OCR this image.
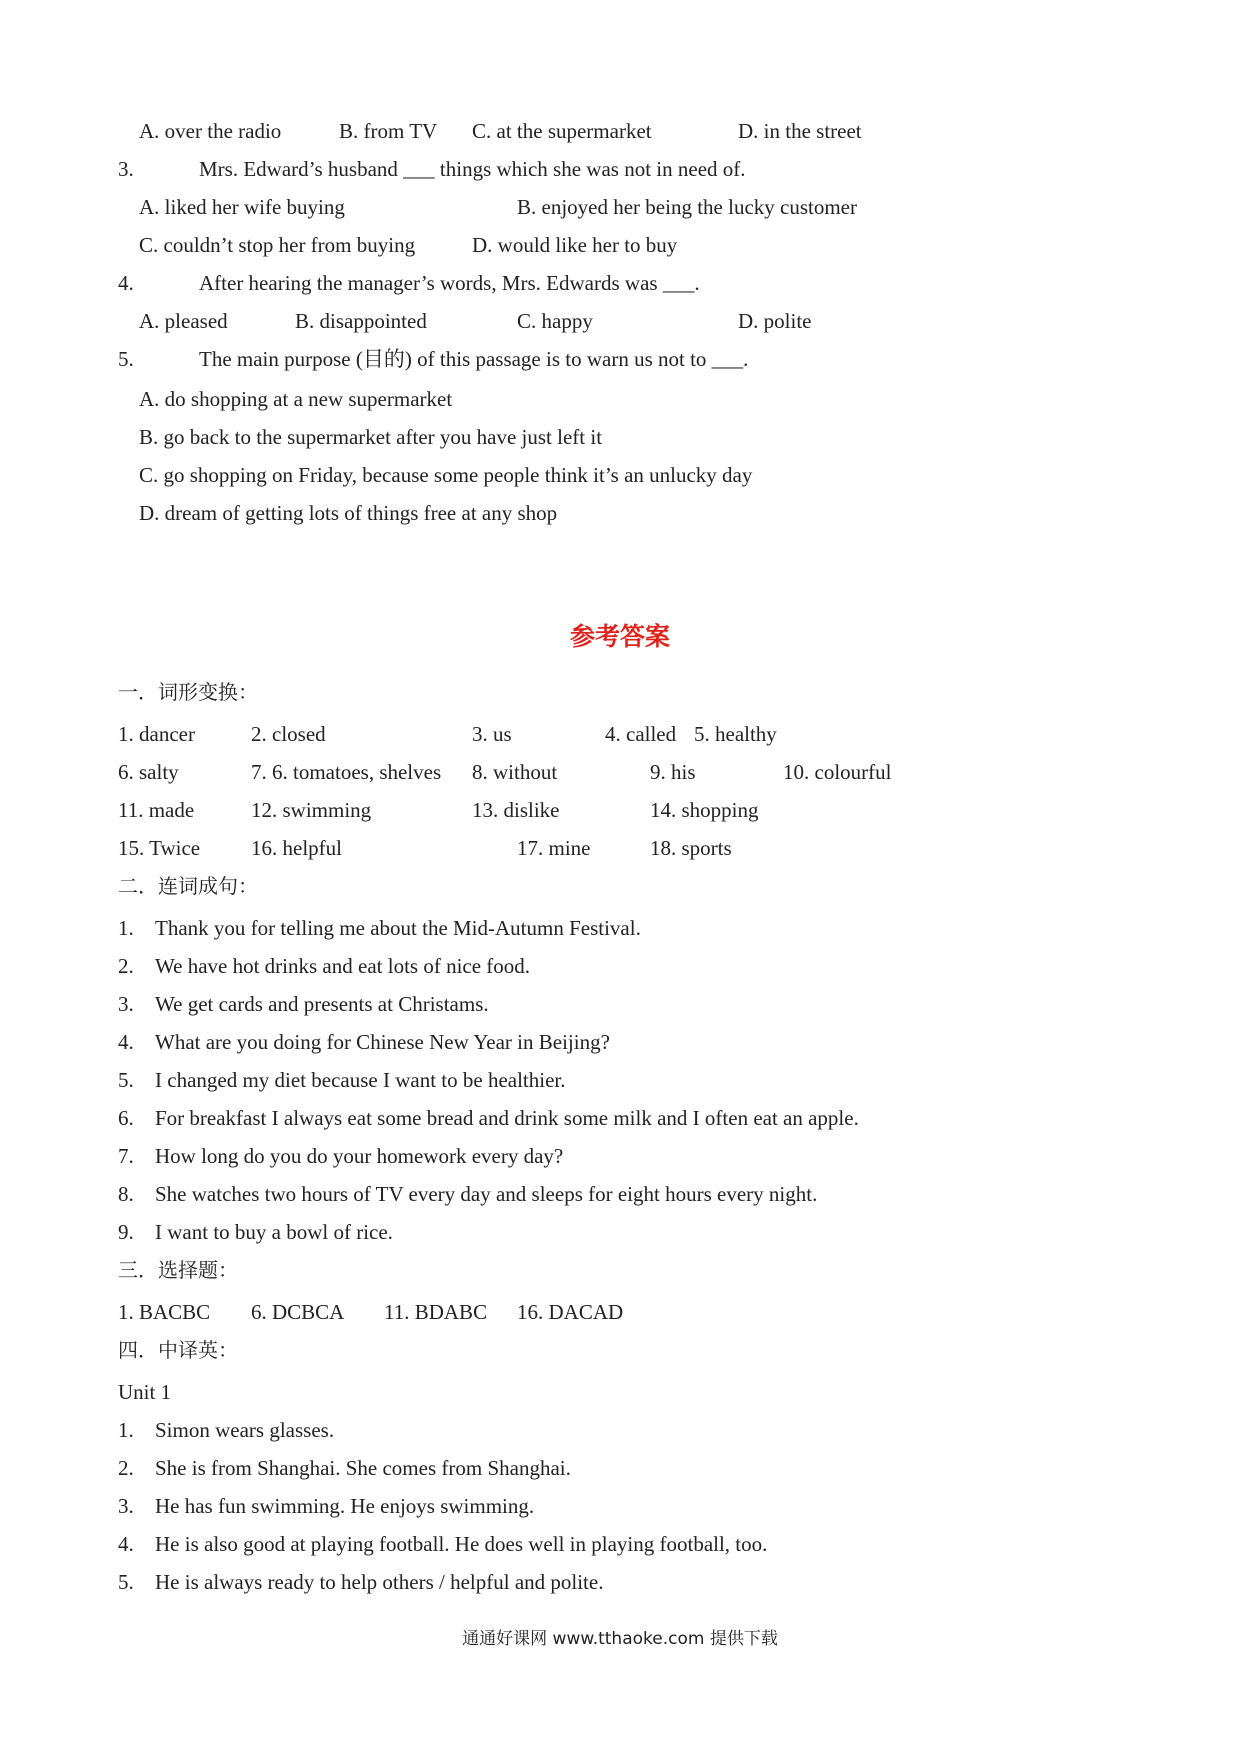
A. over the radio	B. from TV C. at the supermarket	D. in the street
3.	Mrs. Edward’s husband ___ things which she was not in need of.
A. liked her wife buying	B. enjoyed her being the lucky customer
C. couldn’t stop her from buying	D. would like her to buy
4.	After hearing the manager’s words, Mrs. Edwards was ___.
A. pleased	B. disappointed	C. happy	D. polite
5.	The main purpose (目的) of this passage is to warn us not to ___.
A. do shopping at a new supermarket
B. go back to the supermarket after you have just left it
C. go shopping on Friday, because some people think it’s an unlucky day
D. dream of getting lots of things free at any shop
参考答案
一．词形变换：
1. dancer	2. closed	3. us	4. called 5. healthy
6. salty	7. 6. tomatoes, shelves 8. without	9. his	10. colourful
11. made	12. swimming	13. dislike	14. shopping
15. Twice 16. helpful	17. mine	18. sports
二．连词成句：
1. Thank you for telling me about the Mid-Autumn Festival.
2. We have hot drinks and eat lots of nice food.
3. We get cards and presents at Christams.
4. What are you doing for Chinese New Year in Beijing?
5. I changed my diet because I want to be healthier.
6. For breakfast I always eat some bread and drink some milk and I often eat an apple.
7. How long do you do your homework every day?
8. She watches two hours of TV every day and sleeps for eight hours every night.
9. I want to buy a bowl of rice.
三．选择题：
1. BACBC 6. DCBCA 11. BDABC 16. DACAD
四．中译英：
Unit 1
1. Simon wears glasses.
2. She is from Shanghai. She comes from Shanghai.
3. He has fun swimming. He enjoys swimming.
4. He is also good at playing football. He does well in playing football, too.
5. He is always ready to help others / helpful and polite.
通通好课网 www.tthaoke.com 提供下载
